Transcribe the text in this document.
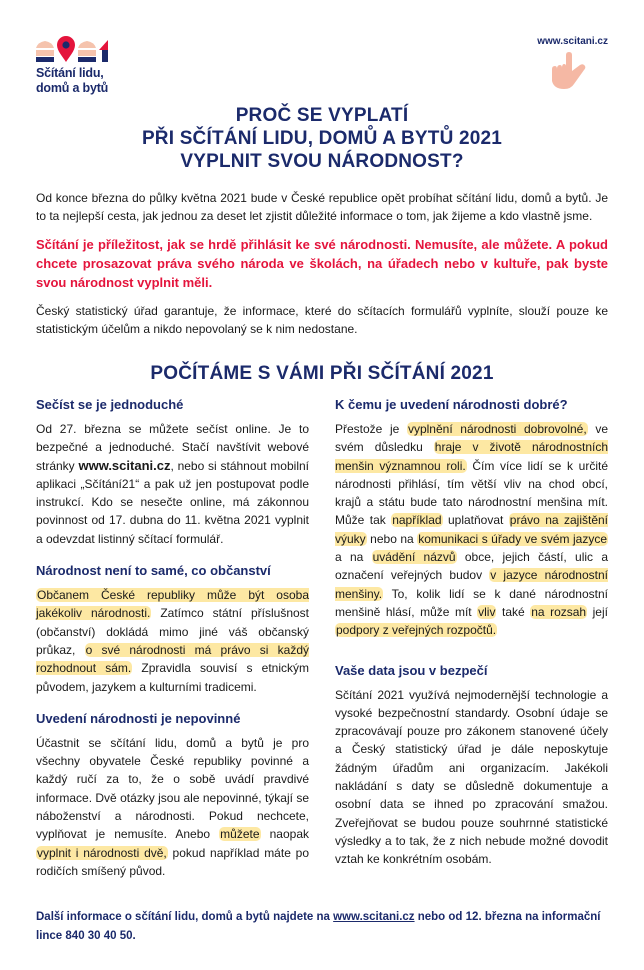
Sčítání lidu,
domů a bytů
www.scitani.cz
PROČ SE VYPLATÍ
PŘI SČÍTÁNÍ LIDU, DOMŮ A BYTŮ 2021
VYPLNIT SVOU NÁRODNOST?

Od konce března do půlky května 2021 bude v České republice opět probíhat sčítání lidu, domů a bytů. Je to ta nejlepší cesta, jak jednou za deset let zjistit důležité informace o tom, jak žijeme a kdo vlastně jsme.

Sčítání je příležitost, jak se hrdě přihlásit ke své národnosti. Nemusíte, ale můžete. A pokud chcete prosazovat práva svého národa ve školách, na úřadech nebo v kultuře, pak byste svou národnost vyplnit měli.

Český statistický úřad garantuje, že informace, které do sčítacích formulářů vyplníte, slouží pouze ke statistickým účelům a nikdo nepovolaný se k nim nedostane.

POČÍTÁME S VÁMI PŘI SČÍTÁNÍ 2021
Sečíst se je jednoduché

Od 27. března se můžete sečíst online. Je to bezpečné a jednoduché. Stačí navštívit webové stránky www.scitani.cz, nebo si stáhnout mobilní aplikaci „Sčítání21“ a pak už jen postupovat podle instrukcí. Kdo se nesečte online, má zákonnou povinnost od 17. dubna do 11. května 2021 vyplnit a odevzdat listinný sčítací formulář.

Národnost není to samé, co občanství

Občanem České republiky může být osoba jakékoliv národnosti. Zatímco státní příslušnost (občanství) dokládá mimo jiné váš občanský průkaz, o své národnosti má právo si každý rozhodnout sám. Zpravidla souvisí s etnickým původem, jazykem a kulturními tradicemi.

Uvedení národnosti je nepovinné

Účastnit se sčítání lidu, domů a bytů je pro všechny obyvatele České republiky povinné a každý ručí za to, že o sobě uvádí pravdivé informace. Dvě otázky jsou ale nepovinné, týkají se náboženství a národnosti. Pokud nechcete, vyplňovat je nemusíte. Anebo můžete naopak vyplnit i národnosti dvě, pokud například máte po rodičích smíšený původ.

K čemu je uvedení národnosti dobré?

Přestože je vyplnění národnosti dobrovolné, ve svém důsledku hraje v životě národnostních menšin významnou roli. Čím více lidí se k určité národnosti přihlásí, tím větší vliv na chod obcí, krajů a státu bude tato národnostní menšina mít. Může tak například uplatňovat právo na zajištění výuky nebo na komunikaci s úřady ve svém jazyce a na uvádění názvů obce, jejich částí, ulic a označení veřejných budov v jazyce národnostní menšiny. To, kolik lidí se k dané národnostní menšině hlásí, může mít vliv také na rozsah její podpory z veřejných rozpočtů.

Vaše data jsou v bezpečí

Sčítání 2021 využívá nejmodernější technologie a vysoké bezpečnostní standardy. Osobní údaje se zpracovávají pouze pro zákonem stanovené účely a Český statistický úřad je dále neposkytuje žádným úřadům ani organizacím. Jakékoli nakládání s daty se důsledně dokumentuje a osobní data se ihned po zpracování smažou. Zveřejňovat se budou pouze souhrnné statistické výsledky a to tak, že z nich nebude možné dovodit vztah ke konkrétním osobám.

Další informace o sčítání lidu, domů a bytů najdete na www.scitani.cz nebo od 12. března na informační lince 840 30 40 50.
